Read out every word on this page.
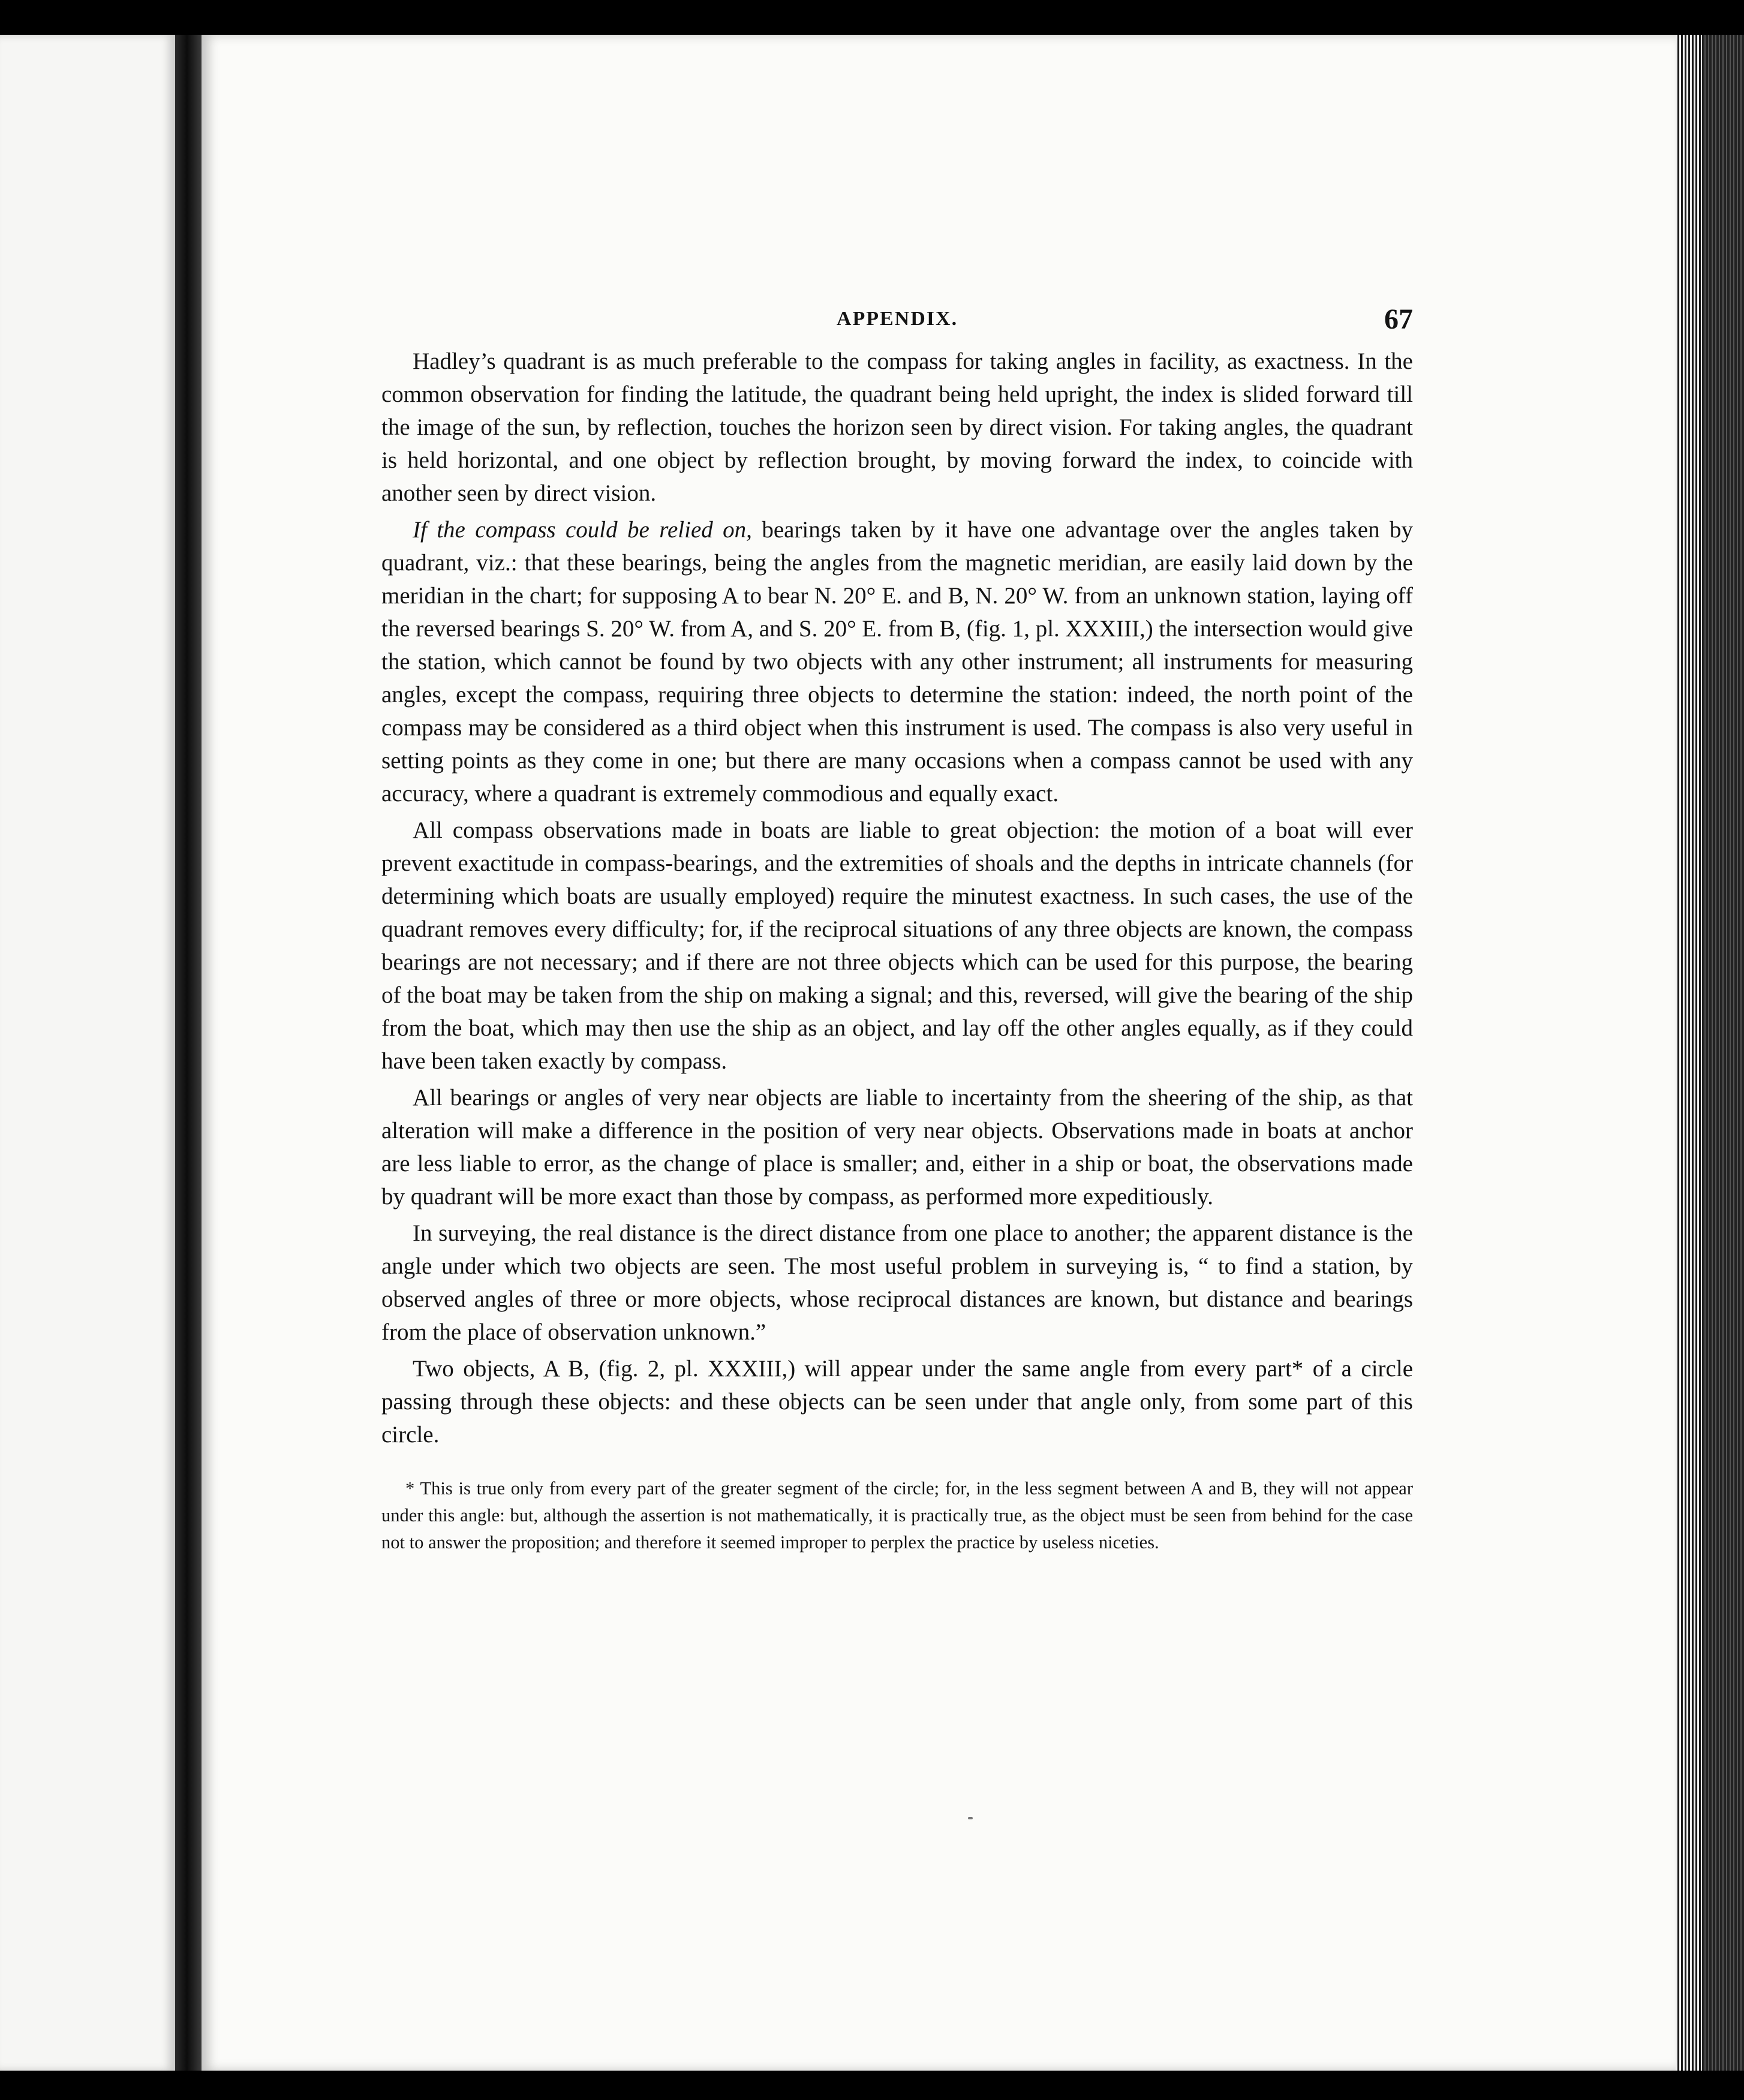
APPENDIX.	67

Hadley’s quadrant is as much preferable to the compass for taking angles in facility, as exactness. In the common observation for finding the latitude, the quadrant being held upright, the index is slided forward till the image of the sun, by reflection, touches the horizon seen by direct vision. For taking angles, the quadrant is held horizontal, and one object by reflection brought, by moving forward the index, to coincide with another seen by direct vision.

If the compass could be relied on, bearings taken by it have one advantage over the angles taken by quadrant, viz.: that these bearings, being the angles from the magnetic meridian, are easily laid down by the meridian in the chart; for supposing A to bear N. 20° E. and B, N. 20° W. from an unknown station, laying off the reversed bearings S. 20° W. from A, and S. 20° E. from B, (fig. 1, pl. XXXIII,) the intersection would give the station, which cannot be found by two objects with any other instrument; all instruments for measuring angles, except the compass, requiring three objects to determine the station: indeed, the north point of the compass may be considered as a third object when this instrument is used. The compass is also very useful in setting points as they come in one; but there are many occasions when a compass cannot be used with any accuracy, where a quadrant is extremely commodious and equally exact.

All compass observations made in boats are liable to great objection: the motion of a boat will ever prevent exactitude in compass-bearings, and the extremities of shoals and the depths in intricate channels (for determining which boats are usually employed) require the minutest exactness. In such cases, the use of the quadrant removes every difficulty; for, if the reciprocal situations of any three objects are known, the compass bearings are not necessary; and if there are not three objects which can be used for this purpose, the bearing of the boat may be taken from the ship on making a signal; and this, reversed, will give the bearing of the ship from the boat, which may then use the ship as an object, and lay off the other angles equally, as if they could have been taken exactly by compass.

All bearings or angles of very near objects are liable to incertainty from the sheering of the ship, as that alteration will make a difference in the position of very near objects. Observations made in boats at anchor are less liable to error, as the change of place is smaller; and, either in a ship or boat, the observations made by quadrant will be more exact than those by compass, as performed more expeditiously.

In surveying, the real distance is the direct distance from one place to another; the apparent distance is the angle under which two objects are seen. The most useful problem in surveying is, “ to find a station, by observed angles of three or more objects, whose reciprocal distances are known, but distance and bearings from the place of observation unknown.”

Two objects, A B, (fig. 2, pl. XXXIII,) will appear under the same angle from every part* of a circle passing through these objects: and these objects can be seen under that angle only, from some part of this circle.

* This is true only from every part of the greater segment of the circle; for, in the less segment between A and B, they will not appear under this angle: but, although the assertion is not mathematically, it is practically true, as the object must be seen from behind for the case not to answer the proposition; and therefore it seemed improper to perplex the practice by useless niceties.
